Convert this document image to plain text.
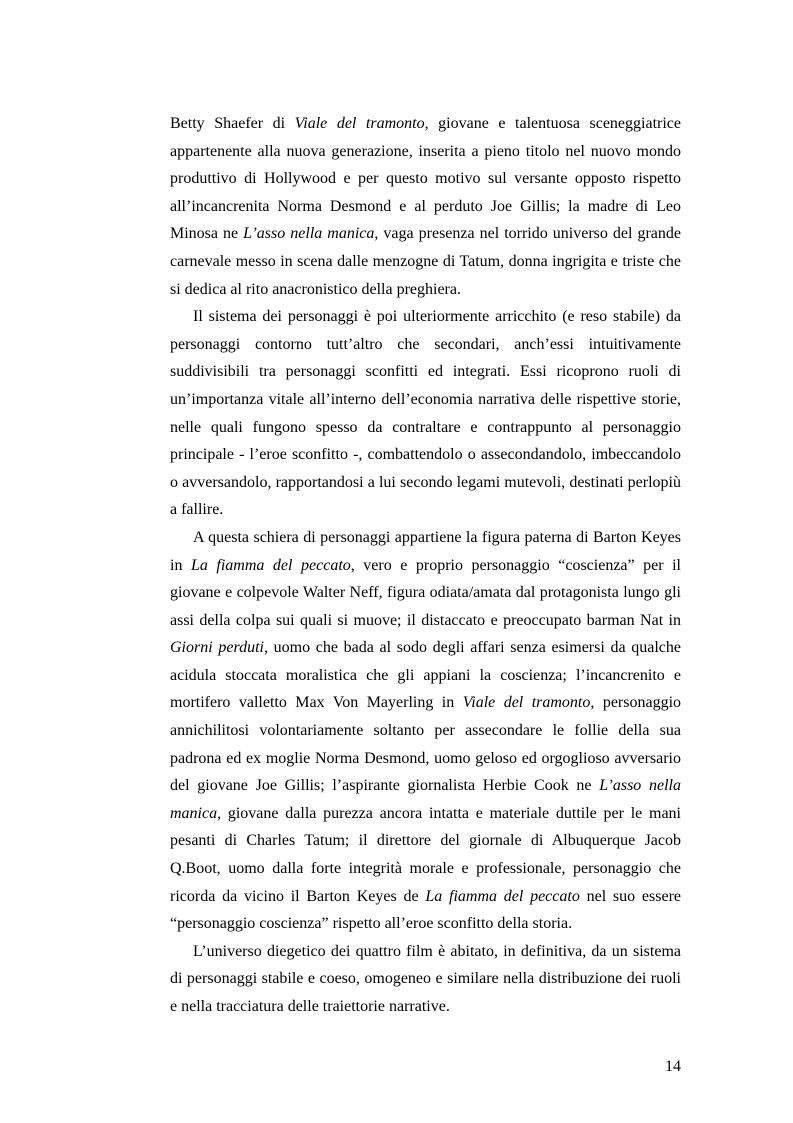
Betty Shaefer di Viale del tramonto, giovane e talentuosa sceneggiatrice
appartenente alla nuova generazione, inserita a pieno titolo nel nuovo mondo
produttivo di Hollywood e per questo motivo sul versante opposto rispetto
all’incancrenita Norma Desmond e al perduto Joe Gillis; la madre di Leo
Minosa ne L’asso nella manica, vaga presenza nel torrido universo del grande
carnevale messo in scena dalle menzogne di Tatum, donna ingrigita e triste che
si dedica al rito anacronistico della preghiera.
Il sistema dei personaggi è poi ulteriormente arricchito (e reso stabile) da
personaggi contorno tutt’altro che secondari, anch’essi intuitivamente
suddivisibili tra personaggi sconfitti ed integrati. Essi ricoprono ruoli di
un’importanza vitale all’interno dell’economia narrativa delle rispettive storie,
nelle quali fungono spesso da contraltare e contrappunto al personaggio
principale - l’eroe sconfitto -, combattendolo o assecondandolo, imbeccandolo
o avversandolo, rapportandosi a lui secondo legami mutevoli, destinati perlopiù
a fallire.
A questa schiera di personaggi appartiene la figura paterna di Barton Keyes
in La fiamma del peccato, vero e proprio personaggio “coscienza” per il
giovane e colpevole Walter Neff, figura odiata/amata dal protagonista lungo gli
assi della colpa sui quali si muove; il distaccato e preoccupato barman Nat in
Giorni perduti, uomo che bada al sodo degli affari senza esimersi da qualche
acidula stoccata moralistica che gli appiani la coscienza; l’incancrenito e
mortifero valletto Max Von Mayerling in Viale del tramonto, personaggio
annichilitosi volontariamente soltanto per assecondare le follie della sua
padrona ed ex moglie Norma Desmond, uomo geloso ed orgoglioso avversario
del giovane Joe Gillis; l’aspirante giornalista Herbie Cook ne L’asso nella
manica, giovane dalla purezza ancora intatta e materiale duttile per le mani
pesanti di Charles Tatum; il direttore del giornale di Albuquerque Jacob
Q.Boot, uomo dalla forte integrità morale e professionale, personaggio che
ricorda da vicino il Barton Keyes de La fiamma del peccato nel suo essere
“personaggio coscienza” rispetto all’eroe sconfitto della storia.
L’universo diegetico dei quattro film è abitato, in definitiva, da un sistema
di personaggi stabile e coeso, omogeneo e similare nella distribuzione dei ruoli
e nella tracciatura delle traiettorie narrative.
14
